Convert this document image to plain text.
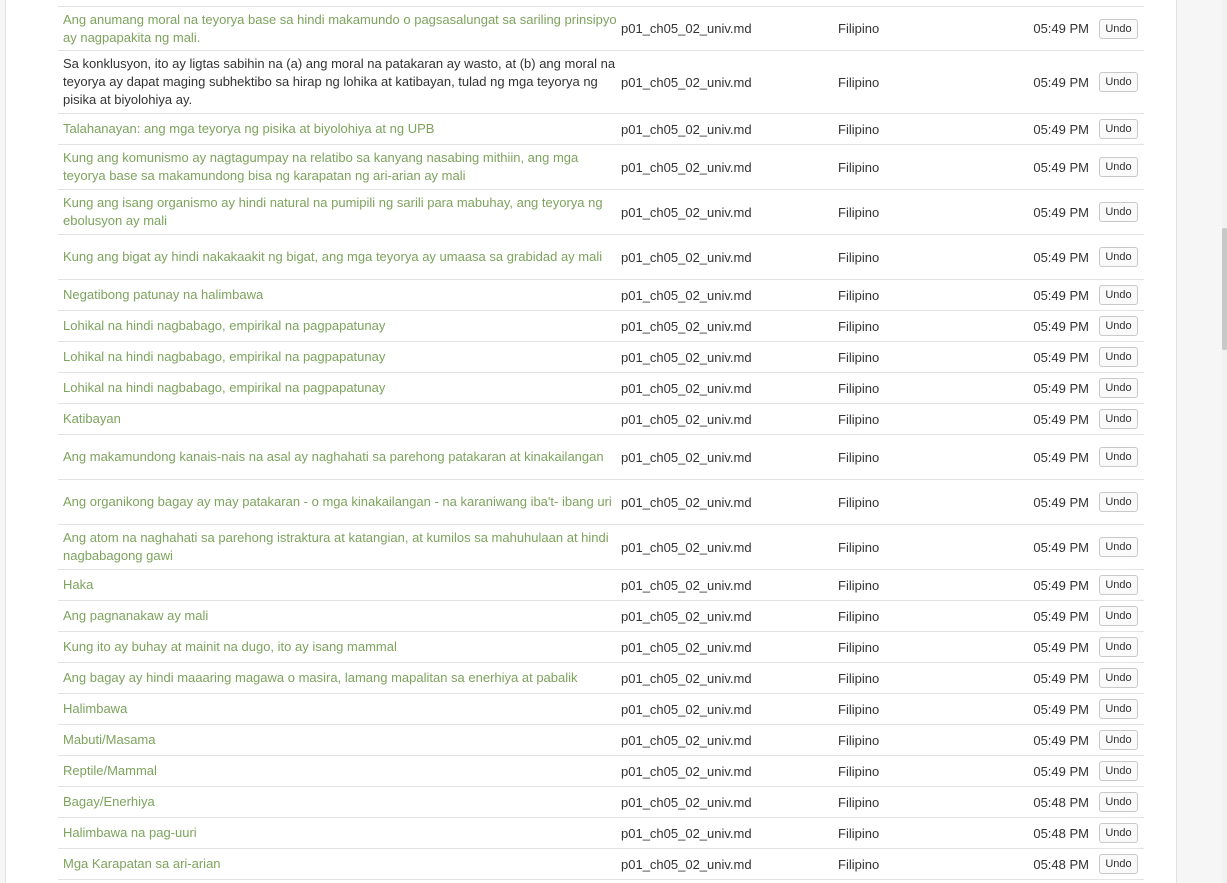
Ang anumang moral na teyorya base sa hindi makamundo o pagsasalungat sa sariling prinsipyo ay nagpapakita ng mali.
p01_ch05_02_univ.md	Filipino	05:49 PM	Undo
Sa konklusyon, ito ay ligtas sabihin na (a) ang moral na patakaran ay wasto, at (b) ang moral na teyorya ay dapat maging subhektibo sa hirap ng lohika at katibayan, tulad ng mga teyorya ng pisika at biyolohiya ay.
p01_ch05_02_univ.md	Filipino	05:49 PM	Undo
Talahanayan: ang mga teyorya ng pisika at biyolohiya at ng UPB	p01_ch05_02_univ.md	Filipino	05:49 PM	Undo
Kung ang komunismo ay nagtagumpay na relatibo sa kanyang nasabing mithiin, ang mga teyorya base sa makamundong bisa ng karapatan ng ari-arian ay mali
p01_ch05_02_univ.md	Filipino	05:49 PM	Undo
Kung ang isang organismo ay hindi natural na pumipili ng sarili para mabuhay, ang teyorya ng ebolusyon ay mali
p01_ch05_02_univ.md	Filipino	05:49 PM	Undo
Kung ang bigat ay hindi nakakaakit ng bigat, ang mga teyorya ay umaasa sa grabidad ay mali	p01_ch05_02_univ.md	Filipino	05:49 PM	Undo
Negatibong patunay na halimbawa	p01_ch05_02_univ.md	Filipino	05:49 PM	Undo
Lohikal na hindi nagbabago, empirikal na pagpapatunay	p01_ch05_02_univ.md	Filipino	05:49 PM	Undo
Lohikal na hindi nagbabago, empirikal na pagpapatunay	p01_ch05_02_univ.md	Filipino	05:49 PM	Undo
Lohikal na hindi nagbabago, empirikal na pagpapatunay	p01_ch05_02_univ.md	Filipino	05:49 PM	Undo
Katibayan	p01_ch05_02_univ.md	Filipino	05:49 PM	Undo
Ang makamundong kanais-nais na asal ay naghahati sa parehong patakaran at kinakailangan	p01_ch05_02_univ.md	Filipino	05:49 PM	Undo
Ang organikong bagay ay may patakaran - o mga kinakailangan - na karaniwang iba't- ibang uri p01_ch05_02_univ.md	Filipino	05:49 PM	Undo
Ang atom na naghahati sa parehong istraktura at katangian, at kumilos sa mahuhulaan at hindi nagbabagong gawi
p01_ch05_02_univ.md	Filipino	05:49 PM	Undo
Haka	p01_ch05_02_univ.md	Filipino	05:49 PM	Undo
Ang pagnanakaw ay mali	p01_ch05_02_univ.md	Filipino	05:49 PM	Undo
Kung ito ay buhay at mainit na dugo, ito ay isang mammal	p01_ch05_02_univ.md	Filipino	05:49 PM	Undo
Ang bagay ay hindi maaaring magawa o masira, lamang mapalitan sa enerhiya at pabalik	p01_ch05_02_univ.md	Filipino	05:49 PM	Undo
Halimbawa	p01_ch05_02_univ.md	Filipino	05:49 PM	Undo
Mabuti/Masama	p01_ch05_02_univ.md	Filipino	05:49 PM	Undo
Reptile/Mammal	p01_ch05_02_univ.md	Filipino	05:49 PM	Undo
Bagay/Enerhiya	p01_ch05_02_univ.md	Filipino	05:48 PM	Undo
Halimbawa na pag-uuri	p01_ch05_02_univ.md	Filipino	05:48 PM	Undo
Mga Karapatan sa ari-arian	p01_ch05_02_univ.md	Filipino	05:48 PM	Undo
